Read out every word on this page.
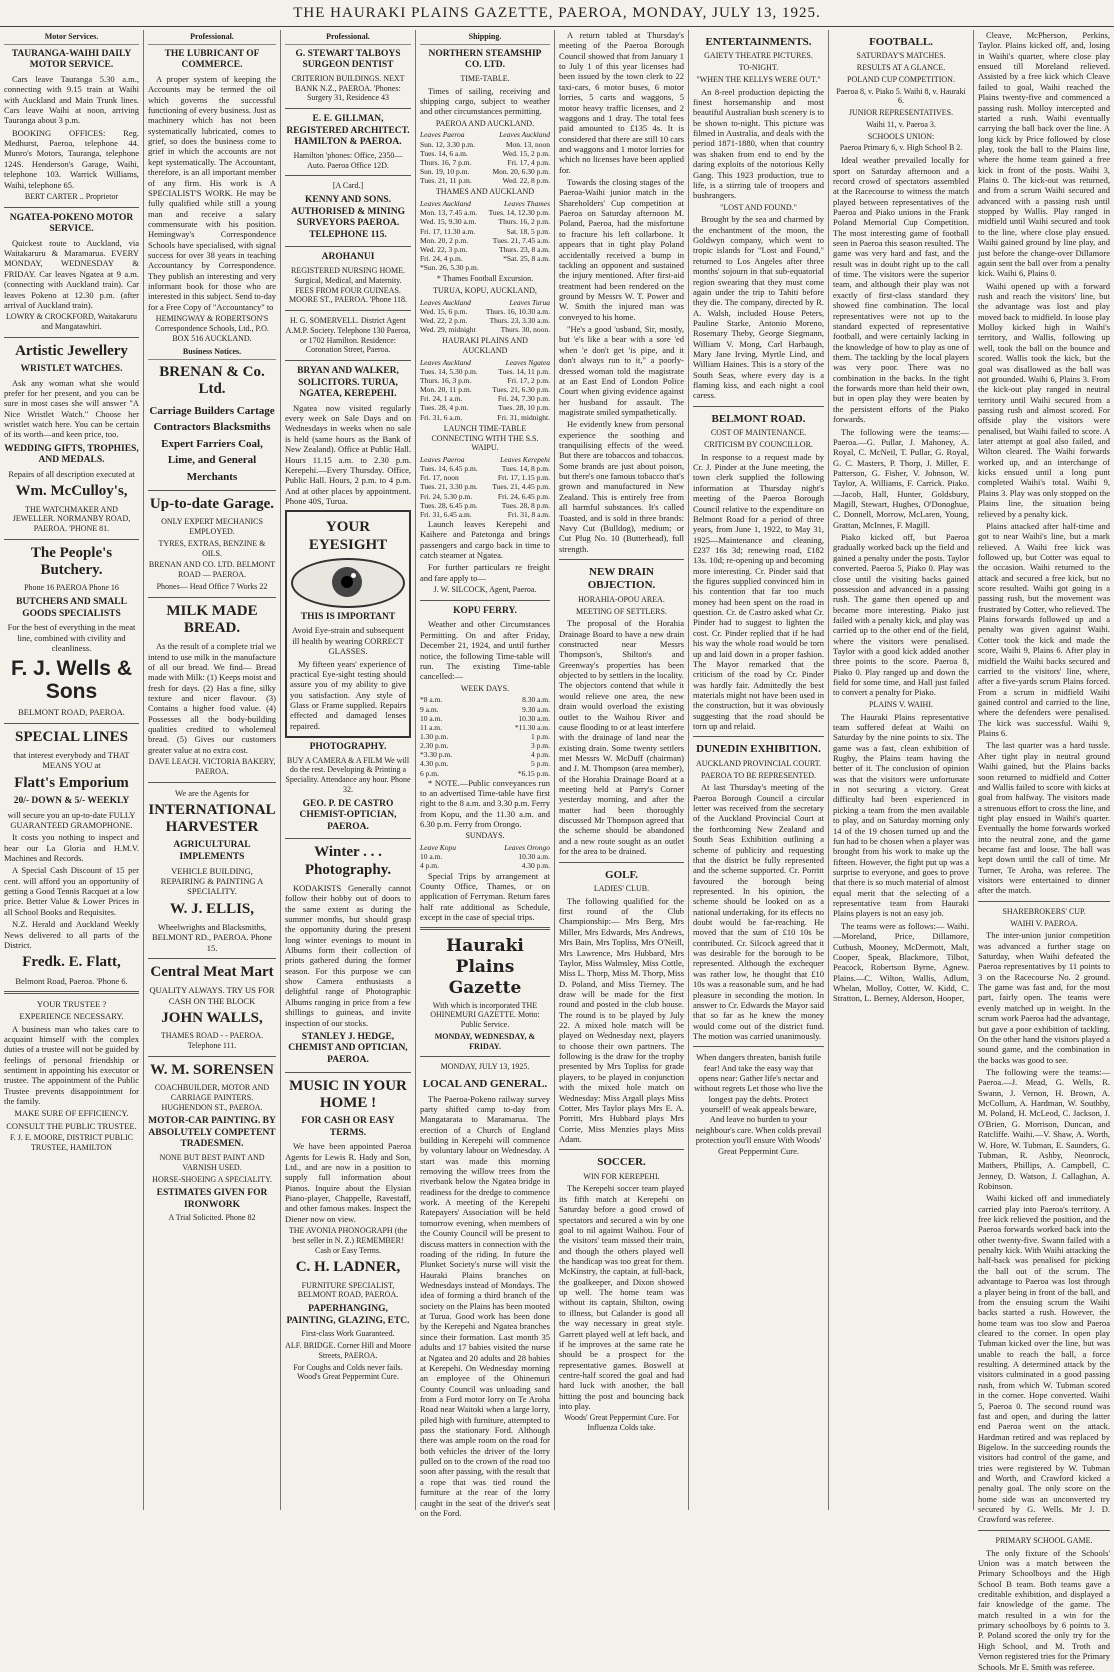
THE HAURAKI PLAINS GAZETTE, PAEROA, MONDAY, JULY 13, 1925.
Motor Services.
TAURANGA-WAIHI DAILY MOTOR SERVICE.

Cars leave Tauranga 5.30 a.m., connecting with 9.15 train at Waihi with Auckland and Main Trunk lines. Cars leave Waihi at noon, arriving Tauranga about 3 p.m.

BOOKING OFFICES: Reg. Medhurst, Paeroa, telephone 44. Munro's Motors, Tauranga, telephone 124S. Henderson's Garage, Waihi, telephone 103. Warrick Williams, Waihi, telephone 65.

BERT CARTER .. Proprietor
NGATEA-POKENO MOTOR SERVICE.

Quickest route to Auckland, via Waitakaruru & Maramarua. EVERY MONDAY, WEDNESDAY & FRIDAY. Car leaves Ngatea at 9 a.m. (connecting with Auckland train). Car leaves Pokeno at 12.30 p.m. (after arrival of Auckland train).

LOWRY & CROCKFORD, Waitakaruru and Mangatawhiri.
Artistic Jewellery
WRISTLET WATCHES.

Ask any woman what she would prefer for her present, and you can be sure in most cases she will answer "A Nice Wristlet Watch." Choose her wristlet watch here. You can be certain of its worth—and keen price, too.

WEDDING GIFTS, TROPHIES, AND MEDALS.
Repairs of all description executed at
Wm. McCulloy's,
THE WATCHMAKER AND JEWELLER. NORMANBY ROAD, PAEROA. 'PHONE 81.
The People's Butchery.
Phone 16 PAEROA Phone 16
BUTCHERS AND SMALL GOODS SPECIALISTS
For the best of everything in the meat line, combined with civility and cleanliness.
F. J. Wells & Sons
BELMONT ROAD, PAEROA.
SPECIAL LINES
that interest everybody and THAT MEANS YOU at
Flatt's Emporium
20/- DOWN & 5/- WEEKLY
will secure you an up-to-date FULLY GUARANTEED GRAMOPHONE.

It costs you nothing to inspect and hear our La Gloria and H.M.V. Machines and Records.

A Special Cash Discount of 15 per cent. will afford you an opportunity of getting a Good Tennis Racquet at a low price. Better Value & Lower Prices in all School Books and Requisites.

N.Z. Herald and Auckland Weekly News delivered to all parts of the District.

Fredk. E. Flatt,
Belmont Road, Paeroa. 'Phone 6.
YOUR TRUSTEE ?
EXPERIENCE NECESSARY.

A business man who takes care to acquaint himself with the complex duties of a trustee will not be guided by feelings of personal friendship or sentiment in appointing his executor or trustee. The appointment of the Public Trustee prevents disappointment for the family.

MAKE SURE OF EFFICIENCY.
CONSULT THE PUBLIC TRUSTEE.
F. J. E. MOORE, DISTRICT PUBLIC TRUSTEE, HAMILTON
Professional.
THE LUBRICANT OF COMMERCE.

A proper system of keeping the Accounts may be termed the oil which governs the successful functioning of every business. Just as machinery which has not been systematically lubricated, comes to grief, so does the business come to grief in which the accounts are not kept systematically. The Accountant, therefore, is an all important member of any firm. His work is A SPECIALIST'S WORK. He may be fully qualified while still a young man and receive a salary commensurate with his position. Hemingway's Correspondence Schools have specialised, with signal success for over 38 years in teaching Accountancy by Correspondence. They publish an interesting and very informant book for those who are interested in this subject. Send to-day for a Free Copy of "Accountancy" to

HEMINGWAY & ROBERTSON'S Correspondence Schools, Ltd., P.O. BOX 516 AUCKLAND.
Business Notices.
BRENAN & Co. Ltd.
Carriage Builders Cartage Contractors Blacksmiths Expert Farriers Coal, Lime, and General Merchants
Up-to-date Garage.
ONLY EXPERT MECHANICS EMPLOYED.
TYRES, EXTRAS, BENZINE & OILS.
BRENAN AND CO. LTD. BELMONT ROAD — PAEROA.
Phones— Head Office 7 Works 22
MILK MADE BREAD.

As the result of a complete trial we intend to use milk in the manufacture of all our bread. We find— Bread made with Milk: (1) Keeps moist and fresh for days. (2) Has a fine, silky texture and nicer flavour. (3) Contains a higher food value. (4) Possesses all the body-building qualities credited to wholemeal bread. (5) Gives our customers greater value at no extra cost.

DAVE LEACH. VICTORIA BAKERY, PAEROA.
We are the Agents for
INTERNATIONAL HARVESTER
AGRICULTURAL IMPLEMENTS
VEHICLE BUILDING, REPAIRING & PAINTING A SPECIALITY.
W. J. ELLIS,
Wheelwrights and Blacksmiths, BELMONT RD., PAEROA. Phone 15.
Central Meat Mart
QUALITY ALWAYS. TRY US FOR CASH ON THE BLOCK
JOHN WALLS,
THAMES ROAD - - PAEROA. Telephone 111.
W. M. SORENSEN
COACHBUILDER, MOTOR AND CARRIAGE PAINTERS. HUGHENDON ST., PAEROA.
MOTOR-CAR PAINTING. BY ABSOLUTELY COMPETENT TRADESMEN.
NONE BUT BEST PAINT AND VARNISH USED.
HORSE-SHOEING A SPECIALITY.
ESTIMATES GIVEN FOR IRONWORK
A Trial Solicited. Phone 82
Professional.
G. STEWART TALBOYS SURGEON DENTIST
CRITERION BUILDINGS. NEXT BANK N.Z., PAEROA. 'Phones: Surgery 31, Residence 43
E. E. GILLMAN, REGISTERED ARCHITECT. HAMILTON & PAEROA.
Hamilton 'phones: Office, 2350—Auto. Paeroa Office 12D.
[A Card.]
KENNY AND SONS. AUTHORISED & MINING SURVEYORS PAEROA. TELEPHONE 115.
AROHANUI
REGISTERED NURSING HOME. Surgical, Medical, and Maternity. FEES FROM FOUR GUINEAS. MOORE ST., PAEROA. 'Phone 118.
H. G. SOMERVELL. District Agent A.M.P. Society. Telephone 130 Paeroa, or 1702 Hamilton. Residence: Coronation Street, Paeroa.
BRYAN AND WALKER, SOLICITORS. TURUA, NGATEA, KEREPEHI.

Ngatea now visited regularly every week on Sale Days and on Wednesdays in weeks when no sale is held (same hours as the Bank of New Zealand). Office at Public Hall. Hours 11.15 a.m. to 2.30 p.m. Kerepehi.—Every Thursday. Office, Public Hall. Hours, 2 p.m. to 4 p.m. And at other places by appointment. Phone 40S, Turua.

YOUR EYESIGHT
THIS IS IMPORTANT
Avoid Eye-strain and subsequent ill health by wearing CORRECT GLASSES.

My fifteen years' experience of practical Eye-sight testing should assure you of my ability to give you satisfaction. Any style of Glass or Frame supplied. Repairs effected and damaged lenses repaired.

PHOTOGRAPHY.
BUY A CAMERA & A FILM We will do the rest. Developing & Printing a Speciality. Attendance any hour. Phone 32.
GEO. P. DE CASTRO CHEMIST-OPTICIAN, PAEROA.
Winter . . . Photography.

KODAKISTS Generally cannot follow their hobby out of doors to the same extent as during the summer months, but should grasp the opportunity during the present long winter evenings to mount in Albums form their collection of prints gathered during the former season. For this purpose we can show Camera enthusiasts a delightful range of Photographic Albums ranging in price from a few shillings to guineas, and invite inspection of our stocks.

STANLEY J. HEDGE, CHEMIST AND OPTICIAN, PAEROA.
MUSIC IN YOUR HOME !
FOR CASH OR EASY TERMS.

We have been appointed Paeroa Agents for Lewis R. Hady and Son, Ltd., and are now in a position to supply full information about Pianos. Inquire about the Elysian Piano-player, Chappelle, Ravestaff, and other famous makes. Inspect the Diener now on view.

THE AVONIA PHONOGRAPH (the best seller in N. Z.) REMEMBER! Cash or Easy Terms.
C. H. LADNER,
FURNITURE SPECIALIST, BELMONT ROAD, PAEROA.
PAPERHANGING, PAINTING, GLAZING, ETC.
First-class Work Guaranteed.
ALF. BRIDGE. Corner Hill and Moore Streets, PAEROA.
For Coughs and Colds never fails. Wood's Great Peppermint Cure.
Shipping.
NORTHERN STEAMSHIP CO. LTD.
TIME-TABLE.

Times of sailing, receiving and shipping cargo, subject to weather and other circumstances permitting.

PAEROA AND AUCKLAND.
Leaves Paeroa	Leaves Auckland
Sun. 12, 3.30 p.m.	Mon. 13, noon
Tues. 14, 6 a.m.	Wed. 15, 2 p.m.
Thurs. 16, 7 p.m.	Fri. 17, 4 p.m.
Sun. 19, 10 p.m.	Mon. 20, 6.30 p.m.
Tues. 21, 11 p.m.	Wed. 22, 8 p.m.
THAMES AND AUCKLAND
Leaves Auckland	Leaves Thames
Mon. 13, 7.45 a.m.	Tues. 14, 12.30 p.m.
Wed. 15, 9.30 a.m.	Thurs. 16, 2 p.m.
Fri. 17, 11.30 a.m.	Sat. 18, 5 p.m.
Mon. 20, 2 p.m.	Tues. 21, 7.45 a.m.
Wed. 22, 3 p.m.	Thurs. 23, 8 a.m.
Fri. 24, 4 p.m.	*Sat. 25, 8 a.m.
*Sun. 26, 5.30 p.m.	
* Thames Football Excursion.
TURUA, KOPU, AUCKLAND,
Leaves Auckland	Leaves Turua
Wed. 15, 6 p.m.	Thurs. 16, 10.30 a.m.
Wed. 22, 2 p.m.	Thurs. 23, 3.30 a.m.
Wed. 29, midnight	Thurs. 30, noon.
HAURAKI PLAINS AND AUCKLAND
Leaves Auckland	Leaves Ngatea
Tues. 14, 5.30 p.m.	Tues. 14, 11 p.m.
Thurs. 16, 3 p.m.	Fri. 17, 2 p.m.
Mon. 20, 11 p.m.	Tues. 21, 6.30 p.m.
Fri. 24, 1 a.m.	Fri. 24, 7.30 p.m.
Tues. 28, 4 p.m.	Tues. 28, 10 p.m.
Fri. 31, 6 a.m.	Fri. 31, midnight.
LAUNCH TIME-TABLE CONNECTING WITH THE S.S. WAIPU.
Leaves Paeroa	Leaves Kerepehi
Tues. 14, 6.45 p.m.	Tues. 14, 8 p.m.
Fri. 17, noon	Fri. 17, 1.15 p.m.
Tues. 21, 3.30 p.m.	Tues. 21, 4.45 p.m.
Fri. 24, 5.30 p.m.	Fri. 24, 6.45 p.m.
Tues. 28, 6.45 p.m.	Tues. 28, 8 p.m.
Fri. 31, 6.45 a.m.	Fri. 31, 8 a.m.

Launch leaves Kerepehi and Kaihere and Patetonga and brings passengers and cargo back in time to catch steamer at Ngatea.

For further particulars re freight and fare apply to—

J. W. SILCOCK, Agent, Paeroa.
KOPU FERRY.

Weather and other Circumstances Permitting. On and after Friday, December 21, 1924, and until further notice, the following Time-table will run. The existing Time-table cancelled:—

WEEK DAYS.
*8 a.m.	8.30 a.m.
9 a.m.	9.30 a.m.
10 a.m.	10.30 a.m.
11 a.m.	*11.30 a.m.
1.30 p.m.	1 p.m.
2.30 p.m.	3 p.m.
*3.30 p.m.	4 p.m.
4.30 p.m.	5 p.m.
6 p.m.	*6.15 p.m.

* NOTE.—Public conveyances run to an advertised Time-table have first right to the 8 a.m. and 3.30 p.m. Ferry from Kopu, and the 11.30 a.m. and 6.30 p.m. Ferry from Orongo.

SUNDAYS.
Leave Kopu	Leaves Orongo
10 a.m.	10.30 a.m.
4 p.m.	4.30 p.m.

Special Trips by arrangement at County Office, Thames, or on application of Ferryman. Return fares half rate additional as Schedule, except in the case of special trips.

Hauraki Plains Gazette
With which is incorporated THE OHINEMURI GAZETTE. Motto: Public Service.
MONDAY, WEDNESDAY, & FRIDAY.
MONDAY, JULY 13, 1925.
LOCAL AND GENERAL.

The Paeroa-Pokeno railway survey party shifted camp to-day from Mangatarata to Maramarua. The erection of a Church of England building in Kerepehi will commence by voluntary labour on Wednesday. A start was made this morning removing the willow trees from the riverbank below the Ngatea bridge in readiness for the dredge to commence work. A meeting of the Kerepehi Ratepayers' Association will be held tomorrow evening, when members of the County Council will be present to discuss matters in connection with the roading of the riding. In future the Plunket Society's nurse will visit the Hauraki Plains branches on Wednesdays instead of Mondays. The idea of forming a third branch of the society on the Plains has been mooted at Turua. Good work has been done by the Kerepehi and Ngatea branches since their formation. Last month 35 adults and 17 babies visited the nurse at Ngatea and 20 adults and 28 babies at Kerepehi. On Wednesday morning an employee of the Ohinemuri County Council was unloading sand from a Ford motor lorry on Te Aroha Road near Waitoki when a large lorry, piled high with furniture, attempted to pass the stationary Ford. Although there was ample room on the road for both vehicles the driver of the lorry pulled on to the crown of the road too soon after passing, with the result that a rope that was tied round the furniture at the rear of the lorry caught in the seat of the driver's seat on the Ford.

A return tabled at Thursday's meeting of the Paeroa Borough Council showed that from January 1 to July 1 of this year licenses had been issued by the town clerk to 22 taxi-cars, 6 motor buses, 6 motor lorries, 5 carts and waggons, 5 motor heavy traffic licenses, and 2 waggons and 1 dray. The total fees paid amounted to £135 4s. It is considered that there are still 10 cars and waggons and 1 motor lorries for which no licenses have been applied for.

Towards the closing stages of the Paeroa-Waihi junior match in the Shareholders' Cup competition at Paeroa on Saturday afternoon M. Poland, Paeroa, had the misfortune to fracture his left collarbone. It appears that in tight play Poland accidentally received a bump in tackling an opponent and sustained the injury mentioned. After first-aid treatment had been rendered on the ground by Messrs W. T. Power and W. Smith the injured man was conveyed to his home.

"He's a good 'usband, Sir, mostly, but 'e's like a bear with a sore 'ed when 'e don't get 'is pipe, and it don't always run to it," a poorly-dressed woman told the magistrate at an East End of London Police Court when giving evidence against her husband for assault. The magistrate smiled sympathetically.

He evidently knew from personal experience the soothing and tranquilising effects of the weed. But there are tobaccos and tobaccos. Some brands are just about poison, but there's one famous tobacco that's grown and manufactured in New Zealand. This is entirely free from all harmful substances. It's called Toasted, and is sold in three brands: Navy Cut (Bulldog), medium; or Cut Plug No. 10 (Butterhead), full strength.

NEW DRAIN OBJECTION.
HORAHIA-OPOU AREA.
MEETING OF SETTLERS.

The proposal of the Horahia Drainage Board to have a new drain constructed near Messrs Thompson's, Shilton's and Greenway's properties has been objected to by settlers in the locality. The objectors contend that while it would relieve one area, the new drain would overload the existing outlet to the Waihou River and cause flooding to or at least interfere with the drainage of land near the existing drain. Some twenty settlers met Messrs W. McDuff (chairman) and J. M. Thompson (area member), of the Horahia Drainage Board at a meeting held at Parry's Corner yesterday morning, and after the matter had been thoroughly discussed Mr Thompson agreed that the scheme should be abandoned and a new route sought as an outlet for the area to be drained.

GOLF.
LADIES' CLUB.

The following qualified for the first round of the Club Championship:— Mrs Berg, Mrs Miller, Mrs Edwards, Mrs Andrews, Mrs Bain, Mrs Topliss, Mrs O'Neill, Mrs Lawrence, Mrs Hubbard, Mrs Taylor, Miss Walmsley, Miss Cottle, Miss L. Thorp, Miss M. Thorp, Miss D. Poland, and Miss Tierney. The draw will be made for the first round and posted in the club house. The round is to be played by July 22. A mixed hole match will be played on Wednesday next, players to choose their own partners. The following is the draw for the trophy presented by Mrs Topliss for grade players, to be played in conjunction with the mixed hole match on Wednesday: Miss Argall plays Miss Cotter, Mrs Taylor plays Mrs E. A. Porritt, Mrs Hubbard plays Mrs Corrie, Miss Menzies plays Miss Adam.

SOCCER.
WIN FOR KEREPEHI.

The Kerepehi soccer team played its fifth match at Kerepehi on Saturday before a good crowd of spectators and secured a win by one goal to nil against Waihou. Four of the visitors' team missed their train, and though the others played well the handicap was too great for them. McKinstry, the captain, at full-back, the goalkeeper, and Dixon showed up well. The home team was without its captain, Shilton, owing to illness, but Calander is good all the way necessary in great style. Garrett played well at left back, and if he improves at the same rate he should be a prospect for the representative games. Boswell at centre-half scored the goal and had hard luck with another, the ball hitting the post and bouncing back into play.

Woods' Great Peppermint Cure. For Influenza Colds take.
ENTERTAINMENTS.
GAIETY THEATRE PICTURES.
TO-NIGHT.
"WHEN THE KELLYS WERE OUT."

An 8-reel production depicting the finest horsemanship and most beautiful Australian bush scenery is to be shown to-night. This picture was filmed in Australia, and deals with the period 1871-1880, when that country was shaken from end to end by the daring exploits of the notorious Kelly Gang. This 1923 production, true to life, is a stirring tale of troopers and bushrangers.

"LOST AND FOUND."

Brought by the sea and charmed by the enchantment of the moon, the Goldwyn company, which went to tropic islands for "Lost and Found," returned to Los Angeles after three months' sojourn in that sub-equatorial region swearing that they must come again under the trip to Tahiti before they die. The company, directed by R. A. Walsh, included House Peters, Pauline Starke, Antonio Moreno, Rosemary Theby, George Siegmann, William V. Mong, Carl Harbaugh, Mary Jane Irving, Myrtle Lind, and William Haines. This is a story of the South Seas, where every day is a flaming kiss, and each night a cool caress.

BELMONT ROAD.
COST OF MAINTENANCE.
CRITICISM BY COUNCILLOR.

In response to a request made by Cr. J. Pinder at the June meeting, the town clerk supplied the following information at Thursday night's meeting of the Paeroa Borough Council relative to the expenditure on Belmont Road for a period of three years, from June 1, 1922, to May 31, 1925—Maintenance and cleaning, £237 16s 3d; renewing road, £182 13s. 10d; re-opening up and becoming more interesting. Cr. Pinder said that the figures supplied convinced him in his contention that far too much money had been spent on the road in question. Cr. de Castro asked what Cr. Pinder had to suggest to lighten the cost. Cr. Pinder replied that if he had his way the whole road would be torn up and laid down in a proper fashion. The Mayor remarked that the criticism of the road by Cr. Pinder was hardly fair. Admittedly the best materials might not have been used in the construction, but it was obviously suggesting that the road should be torn up and relaid.

DUNEDIN EXHIBITION.
AUCKLAND PROVINCIAL COURT.
PAEROA TO BE REPRESENTED.

At last Thursday's meeting of the Paeroa Borough Council a circular letter was received from the secretary of the Auckland Provincial Court at the forthcoming New Zealand and South Seas Exhibition outlining a scheme of publicity and requesting that the district be fully represented and the scheme supported. Cr. Porritt favoured the borough being represented. In his opinion, the scheme should be looked on as a national undertaking, for its effects no doubt would be far-reaching. He moved that the sum of £10 10s be contributed. Cr. Silcock agreed that it was desirable for the borough to be represented. Although the exchequer was rather low, he thought that £10 10s was a reasonable sum, and he had pleasure in seconding the motion. In answer to Cr. Edwards the Mayor said that so far as he knew the money would come out of the district fund. The motion was carried unanimously.

When dangers threaten, banish futile fear! And take the easy way that opens near: Gather life's nectar and without regrets Let those who live the longest pay the debts. Protect yourself! of weak appeals beware, And leave no burden to your neighbour's care. When colds prevail protection you'll ensure With Woods' Great Peppermint Cure.

FOOTBALL.
SATURDAY'S MATCHES.
RESULTS AT A GLANCE.
POLAND CUP COMPETITION.
Paeroa 8, v. Piako 5. Waihi 8, v. Hauraki 6.
JUNIOR REPRESENTATIVES.
Waihi 11, v. Paeroa 3.
SCHOOLS UNION:
Paeroa Primary 6, v. High School B 2.

Ideal weather prevailed locally for sport on Saturday afternoon and a record crowd of spectators assembled at the Racecourse to witness the match played between representatives of the Paeroa and Piako unions in the Frank Poland Memorial Cup Competition. The most interesting game of football seen in Paeroa this season resulted. The game was very hard and fast, and the result was in doubt right up to the call of time. The visitors were the superior team, and although their play was not exactly of first-class standard they showed fine combination. The local representatives were not up to the standard expected of representative football, and were certainly lacking in the knowledge of how to play as one of them. The tackling by the local players was very poor. There was no combination in the backs. In the tight the forwards more than held their own, but in open play they were beaten by the persistent efforts of the Piako forwards.

The following were the teams:— Paeroa.—G. Pullar, J. Mahoney, A. Royal, C. McNeil, T. Pullar, G. Royal, G. C. Masters, P. Thorp, J. Miller, F. Patterson, G. Fisher, V. Johnson, W. Taylor, A. Williams, F. Carrick. Piako.—Jacob, Hall, Hunter, Goldsbury, Magill, Stewart, Hughes, O'Donoghue, C. Donnell, Morrow, McLaren, Young, Grattan, McInnes, F. Magill.

Piako kicked off, but Paeroa gradually worked back up the field and gained a penalty under the posts. Taylor converted. Paeroa 5, Piako 0. Play was close until the visiting backs gained possession and advanced in a passing rush. The game then opened up and became more interesting. Piako just failed with a penalty kick, and play was carried up to the other end of the field, where the visitors were penalised. Taylor with a good kick added another three points to the score. Paeroa 8, Piako 0. Play ranged up and down the field for some time, and Hall just failed to convert a penalty for Piako.

PLAINS V. WAIHI.

The Hauraki Plains representative team suffered defeat at Waihi on Saturday by the nine points to six. The game was a fast, clean exhibition of Rugby, the Plains team having the better of it. The conclusion of opinion was that the visitors were unfortunate in not securing a victory. Great difficulty had been experienced in picking a team from the men available to play, and on Saturday morning only 14 of the 19 chosen turned up and the fun had to be chosen when a player was brought from his work to make up the fifteen. However, the fight put up was a surprise to everyone, and goes to prove that there is so much material of almost equal merit that the selecting of a representative team from Hauraki Plains players is not an easy job.

The teams were as follows:— Waihi.—Moreland, Price, Dillamore, Cutbush, Mooney, McDermott, Malt, Cooper, Speak, Blackmore, Tilbot, Peacock, Robertson Byrne, Agnew. Plains.—C. Wilton, Wallis, Adlum, Whelan, Molloy, Cotter, W. Kidd, C. Stratton, L. Berney, Alderson, Hooper,

Cleave, McPherson, Perkins, Taylor. Plains kicked off, and, losing in Waihi's quarter, where close play ensued till Moreland relieved. Assisted by a free kick which Cleave failed to goal, Waihi reached the Plains twenty-five and commenced a passing rush. Molloy intercepted and started a rush. Waihi eventually carrying the ball back over the line. A long kick by Price followed by close play, took the ball to the Plains line, where the home team gained a free kick in front of the posts. Waihi 3, Plains 0. The kick-out was returned, and from a scrum Waihi secured and advanced with a passing rush until stopped by Wallis. Play ranged in midfield until Waihi secured and took to the line, where close play ensued. Waihi gained ground by line play, and just before the change-over Dillamore again sent the ball over from a penalty kick. Waihi 6, Plains 0.

Waihi opened up with a forward rush and reach the visitors' line, but the advantage was lost and play moved back to midfield. In loose play Molloy kicked high in Waihi's territory, and Wallis, following up well, took the ball on the bounce and scored. Wallis took the kick, but the goal was disallowed as the ball was not grounded. Waihi 6, Plains 3. From the kick-out play ranged in neutral territory until Waihi secured from a passing rush and almost scored. For offside play the visitors were penalised, but Waihi failed to score. A later attempt at goal also failed, and Wilton cleared. The Waihi forwards worked up, and an interchange of kicks ensued until a long punt completed Waihi's total. Waihi 9, Plains 3. Play was only stopped on the Plains line, the situation being relieved by a penalty kick.

Plains attacked after half-time and got to near Waihi's line, but a mark relieved. A Waihi free kick was followed up, but Cotter was equal to the occasion. Waihi returned to the attack and secured a free kick, but no score resulted. Waihi got going in a passing rush, but the movement was frustrated by Cotter, who relieved. The Plains forwards followed up and a penalty was given against Waihi. Cotter took the kick and made the score, Waihi 9, Plains 6. After play in midfield the Waihi backs secured and carried to the visitors' line, where, after a five-yards scrum Plains forced. From a scrum in midfield Waihi gained control and carried to the line, where the defenders were penalised. The kick was successful. Waihi 9, Plains 6.

The last quarter was a hard tussle. After tight play in neutral ground Waihi gained, but the Plains backs soon returned to midfield and Cotter and Wallis failed to score with kicks at goal from halfway. The visitors made a strenuous effort to cross the line, and tight play ensued in Waihi's quarter. Eventually the home forwards worked into the neutral zone, and the game became fast and loose. The ball was kept down until the call of time. Mr Turner, Te Aroha, was referee. The visitors were entertained to dinner after the match.

SHAREBROKERS' CUP.
WAIHI V. PAEROA.

The inter-union junior competition was advanced a further stage on Saturday, when Waihi defeated the Paeroa representatives by 11 points to 3 on the Racecourse No. 2 ground. The game was fast and, for the most part, fairly open. The teams were evenly matched up in weight. In the scrum work Paeroa had the advantage, but gave a poor exhibition of tackling. On the other hand the visitors played a sound game, and the combination in the backs was good to see.

The following were the teams:— Paeroa.—J. Mead, G. Wells, R. Swann, J. Vernon, H. Brown, A. McCollum, A. Hardman, W. Southby, M. Poland, H. McLeod, C. Jackson, J. O'Brien, G. Morrison, Duncan, and Ratcliffe. Waihi.—V. Shaw, A. Worth, W. Hore, W. Tubman, E. Saunders, G. Tubman, R. Ashby, Neonrock, Mathers, Phillips, A. Campbell, C. Jenney, D. Watson, J. Callaghan, A. Robinson.

Waihi kicked off and immediately carried play into Paeroa's territory. A free kick relieved the position, and the Paeroa forwards worked back into the other twenty-five. Swann failed with a penalty kick. With Waihi attacking the half-back was penalised for picking the ball out of the scrum. The advantage to Paeroa was lost through a player being in front of the ball, and from the ensuing scrum the Waihi backs started a rush. However, the home team was too slow and Paeroa cleared to the corner. In open play Tubman kicked over the line, but was unable to reach the ball, a force resulting. A determined attack by the visitors culminated in a good passing rush, from which W. Tubman scored in the corner. Hope converted. Waihi 5, Paeroa 0. The second round was fast and open, and during the latter end Paeroa went on the attack. Hardman retired and was replaced by Bigelow. In the succeeding rounds the visitors had control of the game, and tries were registered by W. Tubman and Worth, and Crawford kicked a penalty goal. The only score on the home side was an unconverted try secured by G. Wells. Mr J. D. Crawford was referee.

PRIMARY SCHOOL GAME.

The only fixture of the Schools' Union was a match between the Primary Schoolboys and the High School B team. Both teams gave a creditable exhibition, and displayed a fair knowledge of the game. The match resulted in a win for the primary schoolboys by 6 points to 3. P. Poland scored the only try for the High School, and M. Troth and Vernon registered tries for the Primary Schools. Mr E. Smith was referee.
